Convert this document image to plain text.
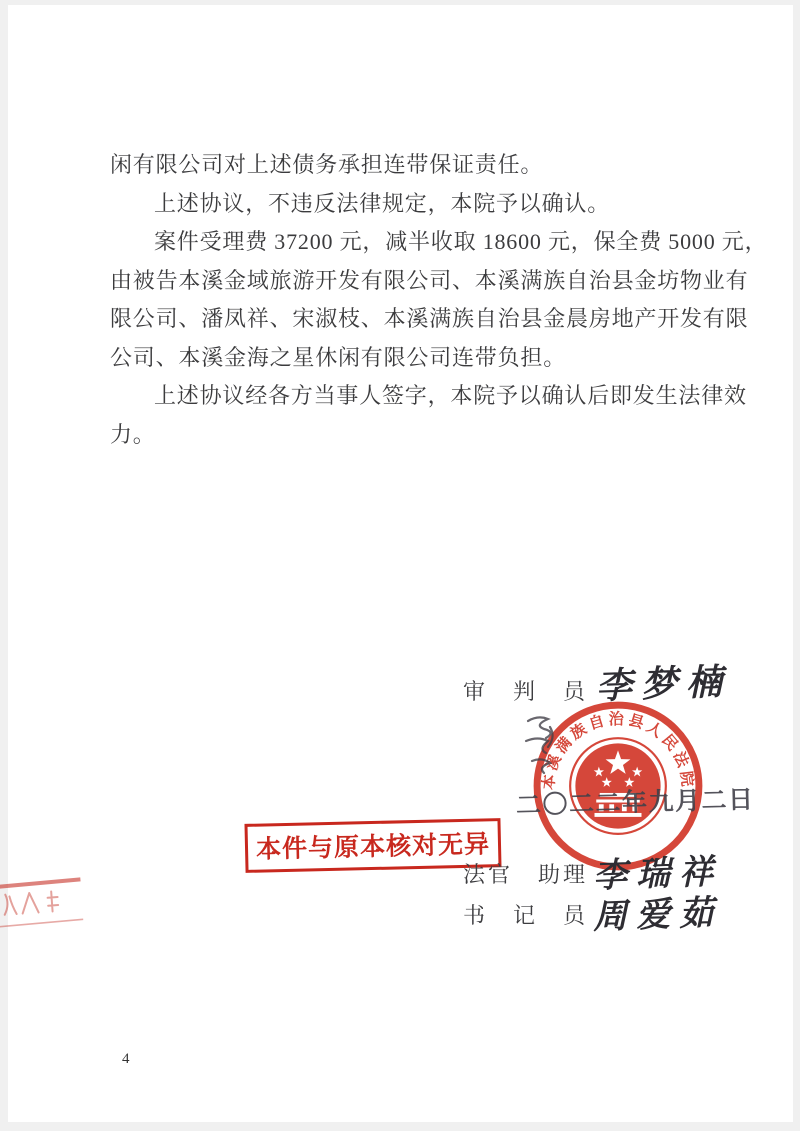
闲有限公司对上述债务承担连带保证责任。
上述协议，不违反法律规定，本院予以确认。
案件受理费 37200 元，减半收取 18600 元，保全费 5000 元，
由被告本溪金域旅游开发有限公司、本溪满族自治县金坊物业有
限公司、潘凤祥、宋淑枝、本溪满族自治县金晨房地产开发有限
公司、本溪金海之星休闲有限公司连带负担。
上述协议经各方当事人签字，本院予以确认后即发生法律效
力。
审　判　员 李梦楠
本溪满族自治县人民法院
二〇二二年九月二日
本件与原本核对无异
法官　助理 李瑞祥
书　记　员 周爱茹
4
